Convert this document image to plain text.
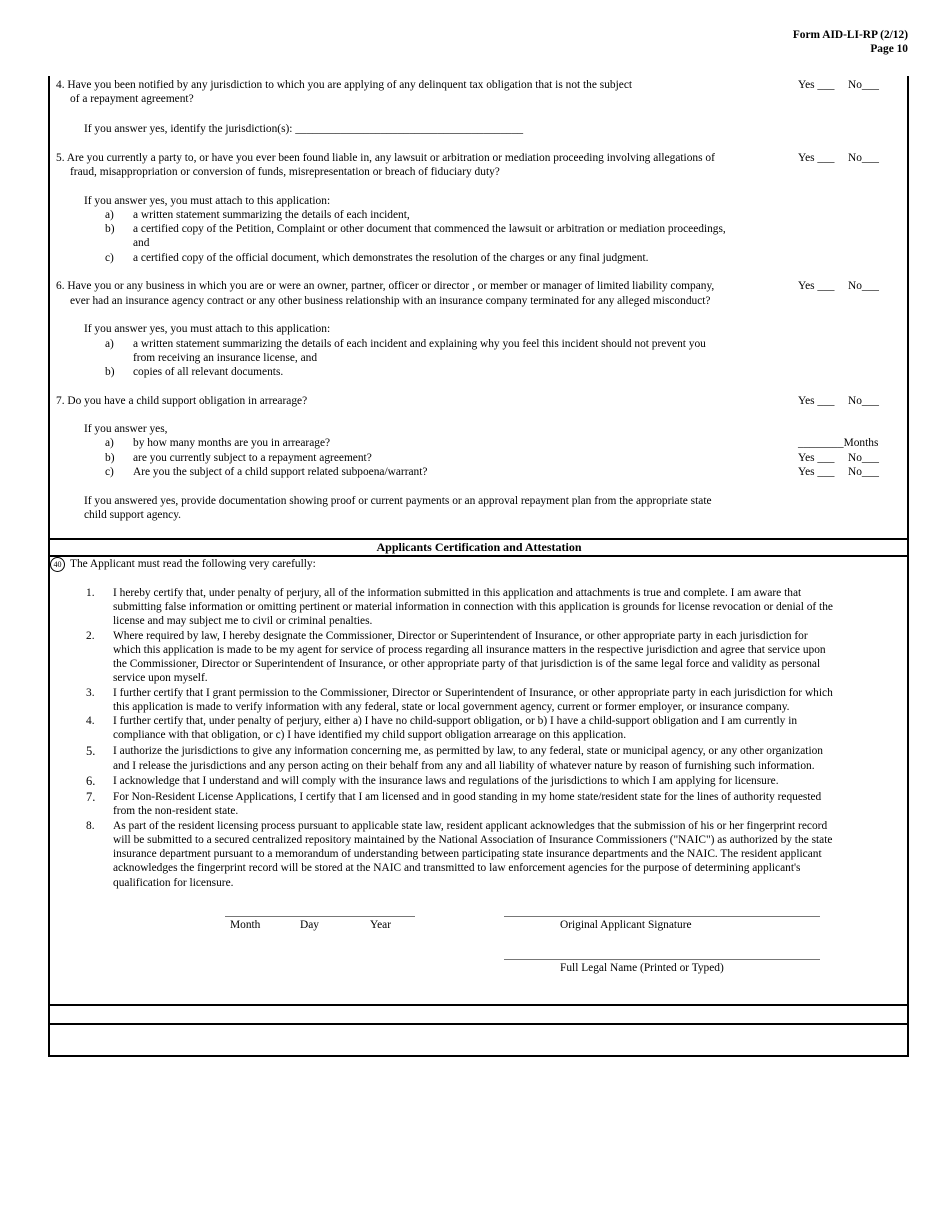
Form AID-LI-RP (2/12)
Page 10
4. Have you been notified by any jurisdiction to which you are applying of any delinquent tax obligation that is not the subject
of a repayment agreement?
Yes ___ No___
If you answer yes, identify the jurisdiction(s): ________________________________________
5. Are you currently a party to, or have you ever been found liable in, any lawsuit or arbitration or mediation proceeding involving allegations of
fraud, misappropriation or conversion of funds, misrepresentation or breach of fiduciary duty?
Yes ___ No___
If you answer yes, you must attach to this application:
a) a written statement summarizing the details of each incident,
b) a certified copy of the Petition, Complaint or other document that commenced the lawsuit or arbitration or mediation proceedings,
and
c) a certified copy of the official document, which demonstrates the resolution of the charges or any final judgment.
6. Have you or any business in which you are or were an owner, partner, officer or director , or member or manager of limited liability company,
ever had an insurance agency contract or any other business relationship with an insurance company terminated for any alleged misconduct?
Yes ___ No___
If you answer yes, you must attach to this application:
a) a written statement summarizing the details of each incident and explaining why you feel this incident should not prevent you
from receiving an insurance license, and
b) copies of all relevant documents.
7. Do you have a child support obligation in arrearage?	Yes ___ No___
If you answer yes,
a) by how many months are you in arrearage?	________Months
b) are you currently subject to a repayment agreement?	Yes ___ No___
c) Are you the subject of a child support related subpoena/warrant?	Yes ___ No___
If you answered yes, provide documentation showing proof or current payments or an approval repayment plan from the appropriate state
child support agency.
Applicants Certification and Attestation
40 The Applicant must read the following very carefully:
1. I hereby certify that, under penalty of perjury, all of the information submitted in this application and attachments is true and complete. I am aware that
submitting false information or omitting pertinent or material information in connection with this application is grounds for license revocation or denial of the
license and may subject me to civil or criminal penalties.
2. Where required by law, I hereby designate the Commissioner, Director or Superintendent of Insurance, or other appropriate party in each jurisdiction for
which this application is made to be my agent for service of process regarding all insurance matters in the respective jurisdiction and agree that service upon
the Commissioner, Director or Superintendent of Insurance, or other appropriate party of that jurisdiction is of the same legal force and validity as personal
service upon myself.
3. I further certify that I grant permission to the Commissioner, Director or Superintendent of Insurance, or other appropriate party in each jurisdiction for which
this application is made to verify information with any federal, state or local government agency, current or former employer, or insurance company.
4. I further certify that, under penalty of perjury, either a) I have no child-support obligation, or b) I have a child-support obligation and I am currently in
compliance with that obligation, or c) I have identified my child support obligation arrearage on this application.
5. I authorize the jurisdictions to give any information concerning me, as permitted by law, to any federal, state or municipal agency, or any other organization
and I release the jurisdictions and any person acting on their behalf from any and all liability of whatever nature by reason of furnishing such information.
6. I acknowledge that I understand and will comply with the insurance laws and regulations of the jurisdictions to which I am applying for licensure.
7. For Non-Resident License Applications, I certify that I am licensed and in good standing in my home state/resident state for the lines of authority requested
from the non-resident state.
8. As part of the resident licensing process pursuant to applicable state law, resident applicant acknowledges that the submission of his or her fingerprint record
will be submitted to a secured centralized repository maintained by the National Association of Insurance Commissioners ("NAIC") as authorized by the state
insurance department pursuant to a memorandum of understanding between participating state insurance departments and the NAIC. The resident applicant
acknowledges the fingerprint record will be stored at the NAIC and transmitted to law enforcement agencies for the purpose of determining applicant's
qualification for licensure.
Month	Day	Year	Original Applicant Signature
Full Legal Name (Printed or Typed)
